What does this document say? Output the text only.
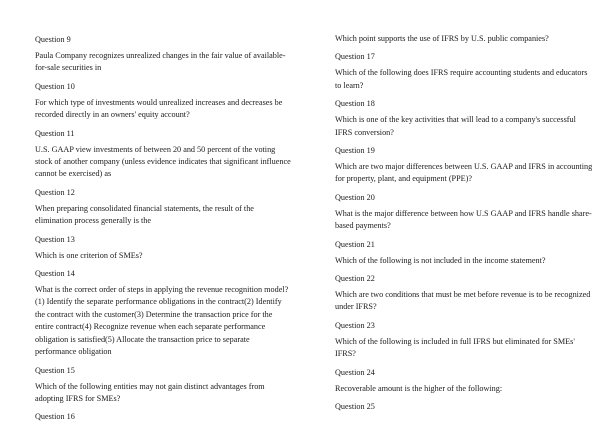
Question 9

Paula Company recognizes unrealized changes in the fair value of available-for-sale securities in

Question 10

For which type of investments would unrealized increases and decreases be recorded directly in an owners' equity account?

Question 11

U.S. GAAP view investments of between 20 and 50 percent of the voting stock of another company (unless evidence indicates that significant influence cannot be exercised) as

Question 12

When preparing consolidated financial statements, the result of the elimination process generally is the

Question 13

Which is one criterion of SMEs?

Question 14

What is the correct order of steps in applying the revenue recognition model?(1) Identify the separate performance obligations in the contract(2) Identify the contract with the customer(3) Determine the transaction price for the entire contract(4) Recognize revenue when each separate performance obligation is satisfied(5) Allocate the transaction price to separate performance obligation

Question 15

Which of the following entities may not gain distinct advantages from adopting IFRS for SMEs?

Question 16

Which point supports the use of IFRS by U.S. public companies?

Question 17

Which of the following does IFRS require accounting students and educators to learn?

Question 18

Which is one of the key activities that will lead to a company's successful IFRS conversion?

Question 19

Which are two major differences between U.S. GAAP and IFRS in accounting for property, plant, and equipment (PPE)?

Question 20

What is the major difference between how U.S GAAP and IFRS handle share-based payments?

Question 21

Which of the following is not included in the income statement?

Question 22

Which are two conditions that must be met before revenue is to be recognized under IFRS?

Question 23

Which of the following is included in full IFRS but eliminated for SMEs' IFRS?

Question 24

Recoverable amount is the higher of the following:

Question 25
